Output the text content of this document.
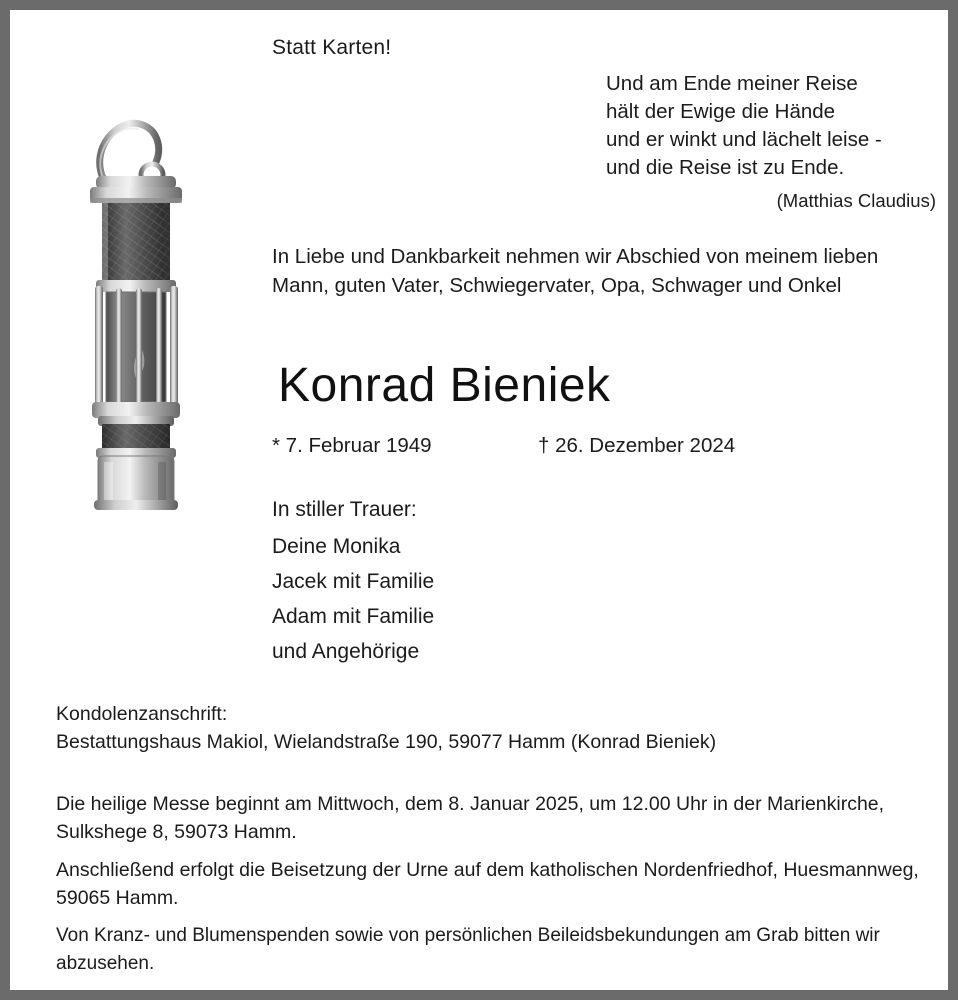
Statt Karten!
Und am Ende meiner Reise
hält der Ewige die Hände
und er winkt und lächelt leise -
und die Reise ist zu Ende.
(Matthias Claudius)
In Liebe und Dankbarkeit nehmen wir Abschied von meinem lieben Mann, guten Vater, Schwiegervater, Opa, Schwager und Onkel
Konrad Bieniek
* 7. Februar 1949	† 26. Dezember 2024
In stiller Trauer:
Deine Monika
Jacek mit Familie
Adam mit Familie
und Angehörige
Kondolenzanschrift:
Bestattungshaus Makiol, Wielandstraße 190, 59077 Hamm (Konrad Bieniek)
Die heilige Messe beginnt am Mittwoch, dem 8. Januar 2025, um 12.00 Uhr in der Marienkirche, Sulkshege 8, 59073 Hamm.
Anschließend erfolgt die Beisetzung der Urne auf dem katholischen Nordenfriedhof, Huesmannweg, 59065 Hamm.
Von Kranz- und Blumenspenden sowie von persönlichen Beileidsbekundungen am Grab bitten wir abzusehen.
